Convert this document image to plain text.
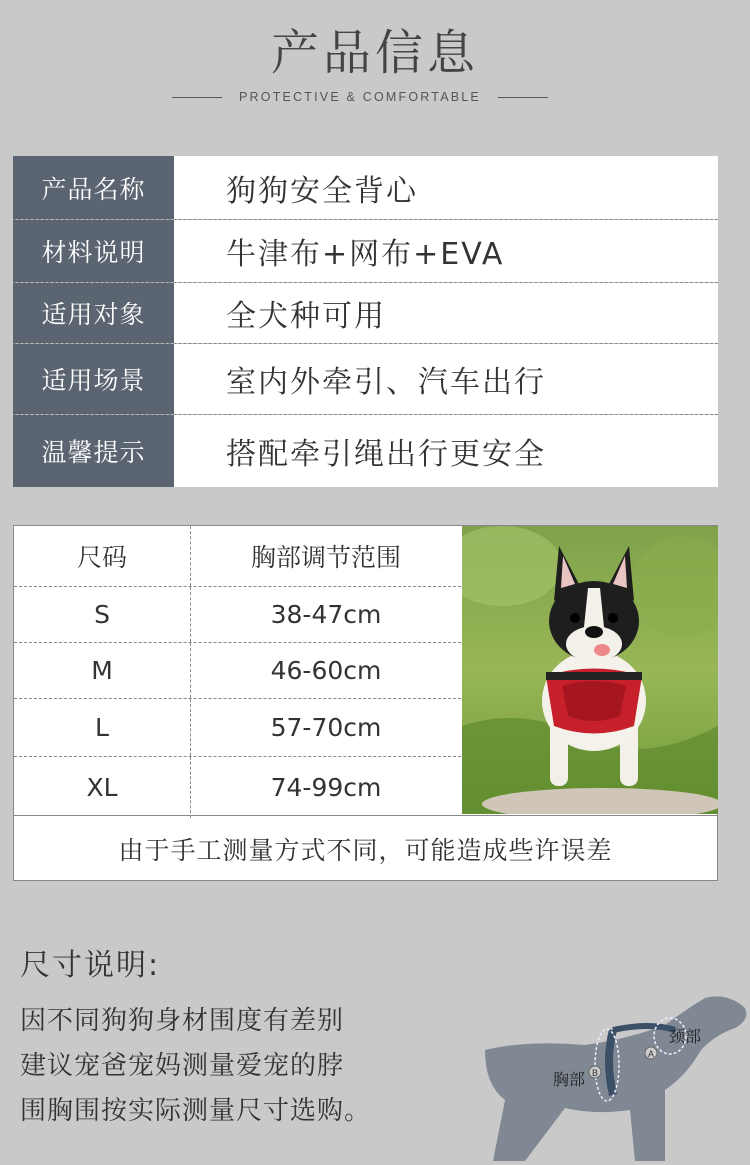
产品信息
PROTECTIVE & COMFORTABLE
产品名称	狗狗安全背心
材料说明	牛津布+网布+EVA
适用对象	全犬种可用
适用场景	室内外牵引、汽车出行
温馨提示	搭配牵引绳出行更安全
尺码	胸部调节范围
S	38-47cm
M	46-60cm
L	57-70cm
XL	74-99cm
由于手工测量方式不同，可能造成些许误差
尺寸说明:
因不同狗狗身材围度有差别
建议宠爸宠妈测量爱宠的脖
围胸围按实际测量尺寸选购。
A
B
颈部
胸部
